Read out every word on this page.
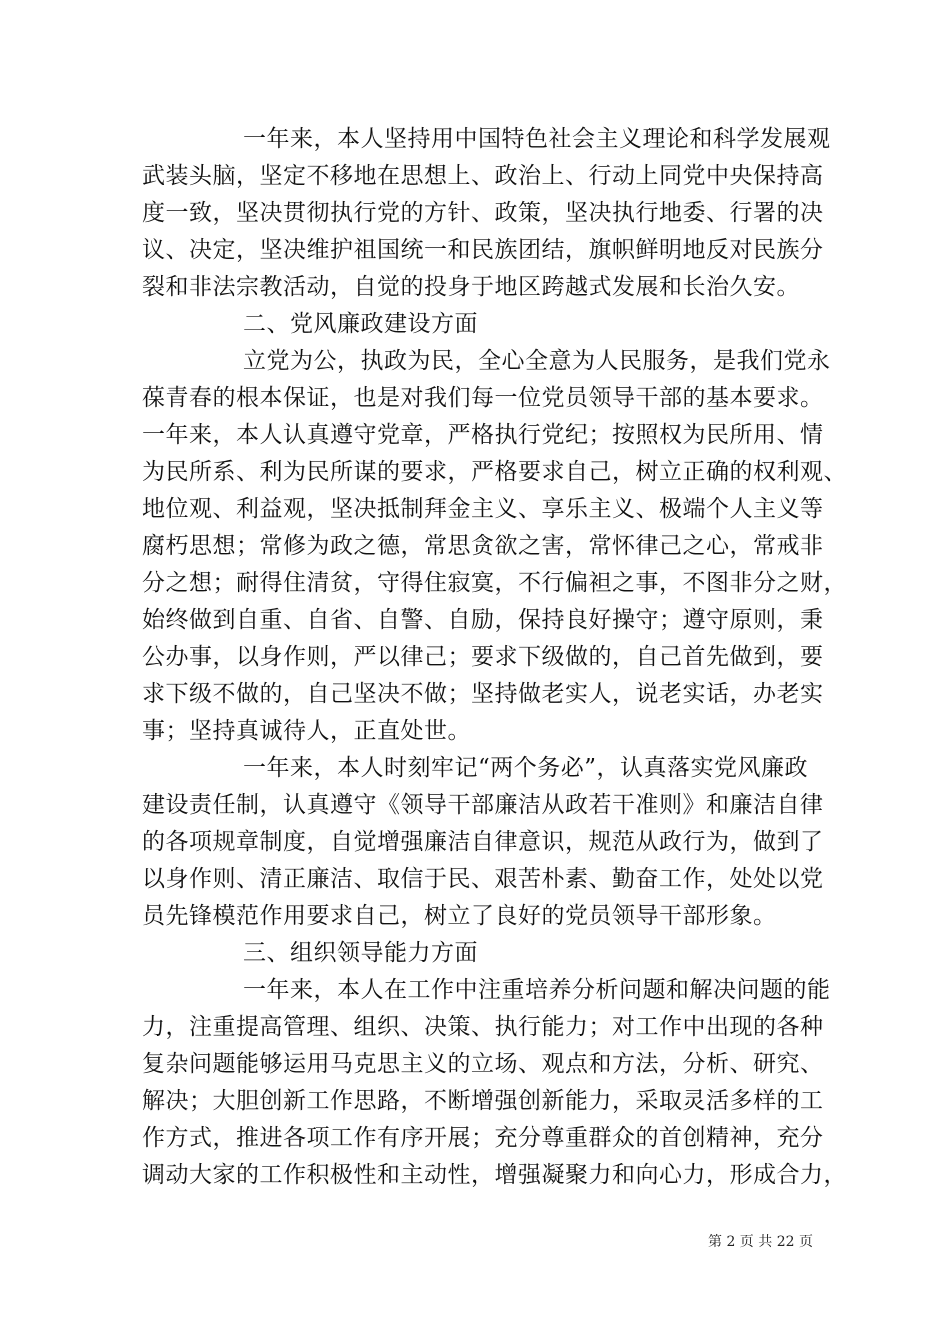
一年来，本人坚持用中国特色社会主义理论和科学发展观
武装头脑，坚定不移地在思想上、政治上、行动上同党中央保持高
度一致，坚决贯彻执行党的方针、政策，坚决执行地委、行署的决
议、决定，坚决维护祖国统一和民族团结，旗帜鲜明地反对民族分
裂和非法宗教活动，自觉的投身于地区跨越式发展和长治久安。
二、党风廉政建设方面
立党为公，执政为民，全心全意为人民服务，是我们党永
葆青春的根本保证，也是对我们每一位党员领导干部的基本要求。
一年来，本人认真遵守党章，严格执行党纪；按照权为民所用、情
为民所系、利为民所谋的要求，严格要求自己，树立正确的权利观、
地位观、利益观，坚决抵制拜金主义、享乐主义、极端个人主义等
腐朽思想；常修为政之德，常思贪欲之害，常怀律己之心，常戒非
分之想；耐得住清贫，守得住寂寞，不行偏袒之事，不图非分之财，
始终做到自重、自省、自警、自励，保持良好操守；遵守原则，秉
公办事，以身作则，严以律己；要求下级做的，自己首先做到，要
求下级不做的，自己坚决不做；坚持做老实人，说老实话，办老实
事；坚持真诚待人，正直处世。
一年来，本人时刻牢记“两个务必”，认真落实党风廉政
建设责任制，认真遵守《领导干部廉洁从政若干准则》和廉洁自律
的各项规章制度，自觉增强廉洁自律意识，规范从政行为，做到了
以身作则、清正廉洁、取信于民、艰苦朴素、勤奋工作，处处以党
员先锋模范作用要求自己，树立了良好的党员领导干部形象。
三、组织领导能力方面
一年来，本人在工作中注重培养分析问题和解决问题的能
力，注重提高管理、组织、决策、执行能力；对工作中出现的各种
复杂问题能够运用马克思主义的立场、观点和方法，分析、研究、
解决；大胆创新工作思路，不断增强创新能力，采取灵活多样的工
作方式，推进各项工作有序开展；充分尊重群众的首创精神，充分
调动大家的工作积极性和主动性，增强凝聚力和向心力，形成合力，
第 2 页 共 22 页
